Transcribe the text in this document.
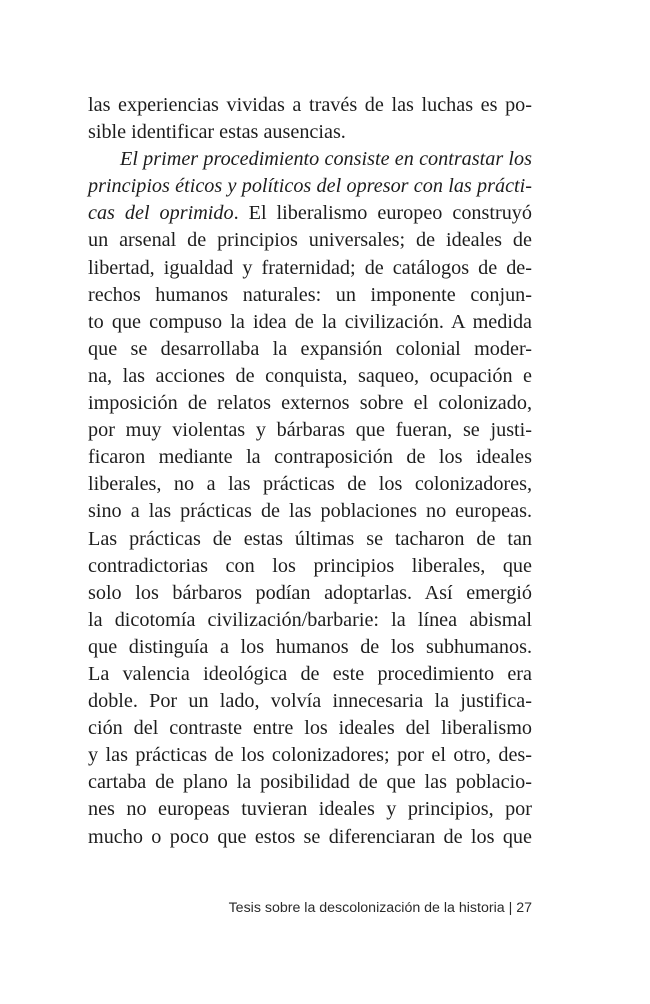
las experiencias vividas a través de las luchas es po-
sible identificar estas ausencias.
El primer procedimiento consiste en contrastar los
principios éticos y políticos del opresor con las prácti-
cas del oprimido. El liberalismo europeo construyó
un arsenal de principios universales; de ideales de
libertad, igualdad y fraternidad; de catálogos de de-
rechos humanos naturales: un imponente conjun-
to que compuso la idea de la civilización. A medida
que se desarrollaba la expansión colonial moder-
na, las acciones de conquista, saqueo, ocupación e
imposición de relatos externos sobre el colonizado,
por muy violentas y bárbaras que fueran, se justi-
ficaron mediante la contraposición de los ideales
liberales, no a las prácticas de los colonizadores,
sino a las prácticas de las poblaciones no europeas.
Las prácticas de estas últimas se tacharon de tan
contradictorias con los principios liberales, que
solo los bárbaros podían adoptarlas. Así emergió
la dicotomía civilización/barbarie: la línea abismal
que distinguía a los humanos de los subhumanos.
La valencia ideológica de este procedimiento era
doble. Por un lado, volvía innecesaria la justifica-
ción del contraste entre los ideales del liberalismo
y las prácticas de los colonizadores; por el otro, des-
cartaba de plano la posibilidad de que las poblacio-
nes no europeas tuvieran ideales y principios, por
mucho o poco que estos se diferenciaran de los que
Tesis sobre la descolonización de la historia | 27
